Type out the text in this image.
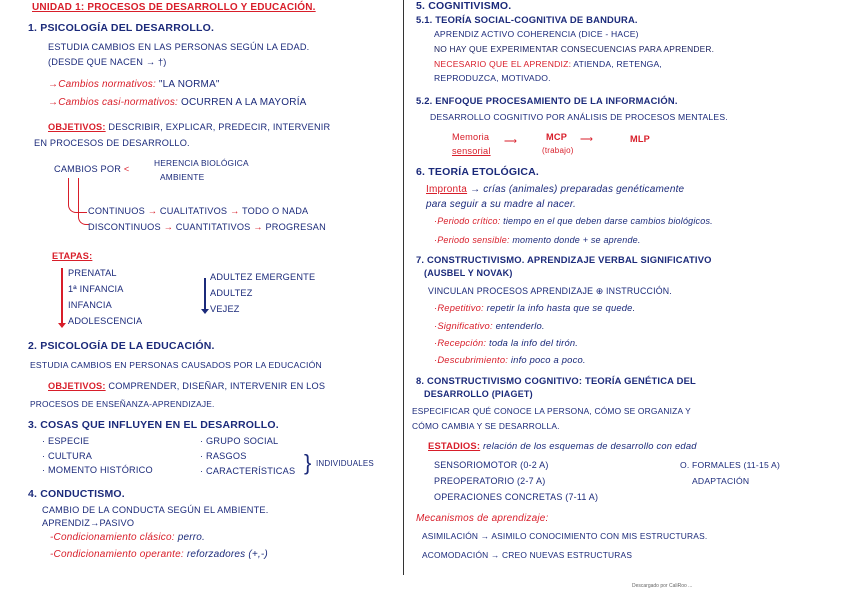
UNIDAD 1: PROCESOS DE DESARROLLO Y EDUCACIÓN.
1. PSICOLOGÍA DEL DESARROLLO.
ESTUDIA CAMBIOS EN LAS PERSONAS SEGÚN LA EDAD.
(DESDE QUE NACEN → †)
→Cambios normativos: "LA NORMA"
→Cambios casi-normativos: OCURREN A LA MAYORÍA
OBJETIVOS: DESCRIBIR, EXPLICAR, PREDECIR, INTERVENIR
EN PROCESOS DE DESARROLLO.
CAMBIOS POR <
HERENCIA BIOLÓGICA
AMBIENTE
CONTINUOS → CUALITATIVOS → TODO O NADA
DISCONTINUOS → CUANTITATIVOS → PROGRESAN
ETAPAS:
PRENATAL
1ª INFANCIA
INFANCIA
ADOLESCENCIA
ADULTEZ EMERGENTE
ADULTEZ
VEJEZ
2. PSICOLOGÍA DE LA EDUCACIÓN.
ESTUDIA CAMBIOS EN PERSONAS CAUSADOS POR LA EDUCACIÓN
OBJETIVOS: COMPRENDER, DISEÑAR, INTERVENIR EN LOS
PROCESOS DE ENSEÑANZA-APRENDIZAJE.
3. COSAS QUE INFLUYEN EN EL DESARROLLO.
· ESPECIE
· CULTURA
· MOMENTO HISTÓRICO
· GRUPO SOCIAL
· RASGOS
· CARACTERÍSTICAS } INDIVIDUALES
4. CONDUCTISMO.
CAMBIO DE LA CONDUCTA SEGÚN EL AMBIENTE.
APRENDIZ→PASIVO
-Condicionamiento clásico: perro.
-Condicionamiento operante: reforzadores (+,-)
5. COGNITIVISMO.
5.1. TEORÍA SOCIAL-COGNITIVA DE BANDURA.
APRENDIZ ACTIVO COHERENCIA (DICE - HACE)
NO HAY QUE EXPERIMENTAR CONSECUENCIAS PARA APRENDER.
NECESARIO QUE EL APRENDIZ: ATIENDA, RETENGA,
REPRODUZCA, MOTIVADO.
5.2. ENFOQUE PROCESAMIENTO DE LA INFORMACIÓN.
DESARROLLO COGNITIVO POR ANÁLISIS DE PROCESOS MENTALES.
Memoria
sensorial
⟶	MCP
(trabajo)
⟶	MLP
6. TEORÍA ETOLÓGICA.
Impronta → crías (animales) preparadas genéticamente
para seguir a su madre al nacer.
·Periodo crítico: tiempo en el que deben darse cambios biológicos.
·Periodo sensible: momento donde + se aprende.
7. CONSTRUCTIVISMO. APRENDIZAJE VERBAL SIGNIFICATIVO
(AUSBEL Y NOVAK)
VINCULAN PROCESOS APRENDIZAJE ⊕ INSTRUCCIÓN.
·Repetitivo: repetir la info hasta que se quede.
·Significativo: entenderlo.
·Recepción: toda la info del tirón.
·Descubrimiento: info poco a poco.
8. CONSTRUCTIVISMO COGNITIVO: TEORÍA GENÉTICA DEL
DESARROLLO (PIAGET)
ESPECIFICAR QUÉ CONOCE LA PERSONA, CÓMO SE ORGANIZA Y
CÓMO CAMBIA Y SE DESARROLLA.
ESTADIOS: relación de los esquemas de desarrollo con edad
SENSORIOMOTOR (0-2 A)
PREOPERATORIO (2-7 A)
OPERACIONES CONCRETAS (7-11 A)
O. FORMALES (11-15 A)
ADAPTACIÓN
Mecanismos de aprendizaje:
ASIMILACIÓN → ASIMILO CONOCIMIENTO CON MIS ESTRUCTURAS.
ACOMODACIÓN → CREO NUEVAS ESTRUCTURAS
Descargado por CaliRoo ...
